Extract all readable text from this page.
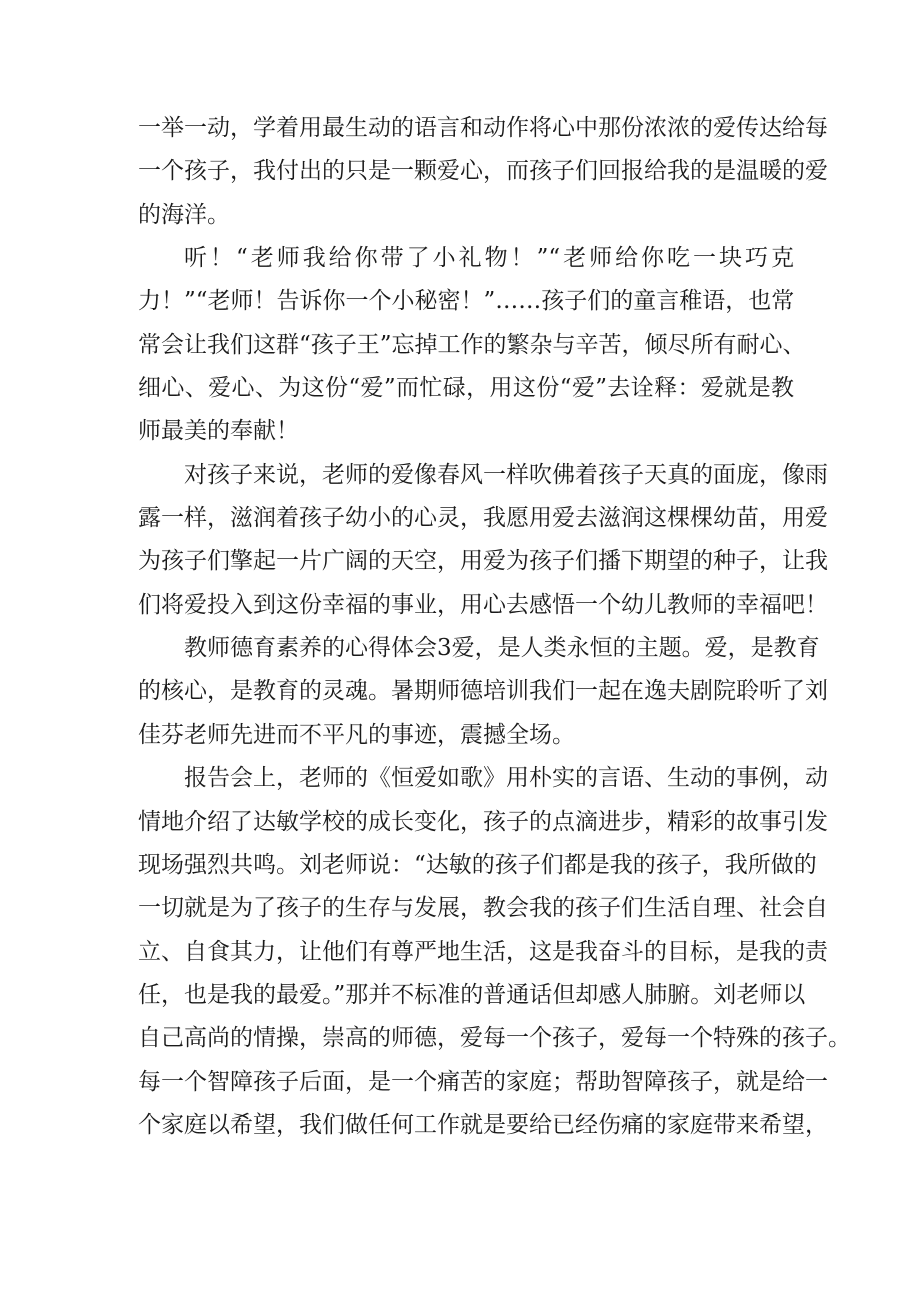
一举一动，学着用最生动的语言和动作将心中那份浓浓的爱传达给每
一个孩子，我付出的只是一颗爱心，而孩子们回报给我的是温暖的爱
的海洋。
听！“老师我给你带了小礼物！”“老师给你吃一块巧克
力！”“老师！告诉你一个小秘密！”……孩子们的童言稚语，也常
常会让我们这群“孩子王”忘掉工作的繁杂与辛苦，倾尽所有耐心、
细心、爱心、为这份“爱”而忙碌，用这份“爱”去诠释：爱就是教
师最美的奉献！
对孩子来说，老师的爱像春风一样吹佛着孩子天真的面庞，像雨
露一样，滋润着孩子幼小的心灵，我愿用爱去滋润这棵棵幼苗，用爱
为孩子们擎起一片广阔的天空，用爱为孩子们播下期望的种子，让我
们将爱投入到这份幸福的事业，用心去感悟一个幼儿教师的幸福吧！
教师德育素养的心得体会3爱，是人类永恒的主题。爱，是教育
的核心，是教育的灵魂。暑期师德培训我们一起在逸夫剧院聆听了刘
佳芬老师先进而不平凡的事迹，震撼全场。
报告会上，老师的《恒爱如歌》用朴实的言语、生动的事例，动
情地介绍了达敏学校的成长变化，孩子的点滴进步，精彩的故事引发
现场强烈共鸣。刘老师说：“达敏的孩子们都是我的孩子，我所做的
一切就是为了孩子的生存与发展，教会我的孩子们生活自理、社会自
立、自食其力，让他们有尊严地生活，这是我奋斗的目标，是我的责
任，也是我的最爱。”那并不标准的普通话但却感人肺腑。刘老师以
自己高尚的情操，崇高的师德，爱每一个孩子，爱每一个特殊的孩子。
每一个智障孩子后面，是一个痛苦的家庭；帮助智障孩子，就是给一
个家庭以希望，我们做任何工作就是要给已经伤痛的家庭带来希望，
